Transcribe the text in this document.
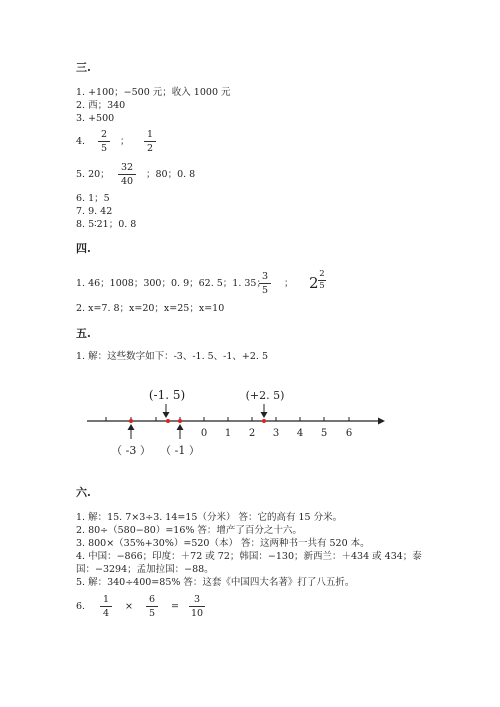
三.
1. +100；−500 元；收入 1000 元
2. 西；340
3. +500
4.
2
5
；
1
2
5. 20；
32
40
；80；0. 8
6. 1；5
7. 9. 42
8. 5∶21；0. 8
四.
1. 46；1008；300；0. 9；62. 5；1. 35；
3
5
； 2 2
5
2. x=7. 8；x=20；x=25；x=10
五.
1. 解：这些数字如下：-3、-1. 5、-1、+2. 5
0 1 2 3 4 5 6
(-1. 5)	(+2. 5)
（ -3 ） （ -1 ）
六.
1. 解：15. 7×3÷3. 14=15（分米） 答：它的高有 15 分米。
2. 80÷（580−80）=16% 答：增产了百分之十六。
3. 800×（35%+30%）=520（本） 答：这两种书一共有 520 本。
4. 中国：−866；印度：＋72 或 72；韩国：−130；新西兰：＋434 或 434；泰
国：−3294；孟加拉国：−88。
5. 解：340÷400=85% 答：这套《中国四大名著》打了八五折。
6.
1
4
×
6
5
=
3
10
